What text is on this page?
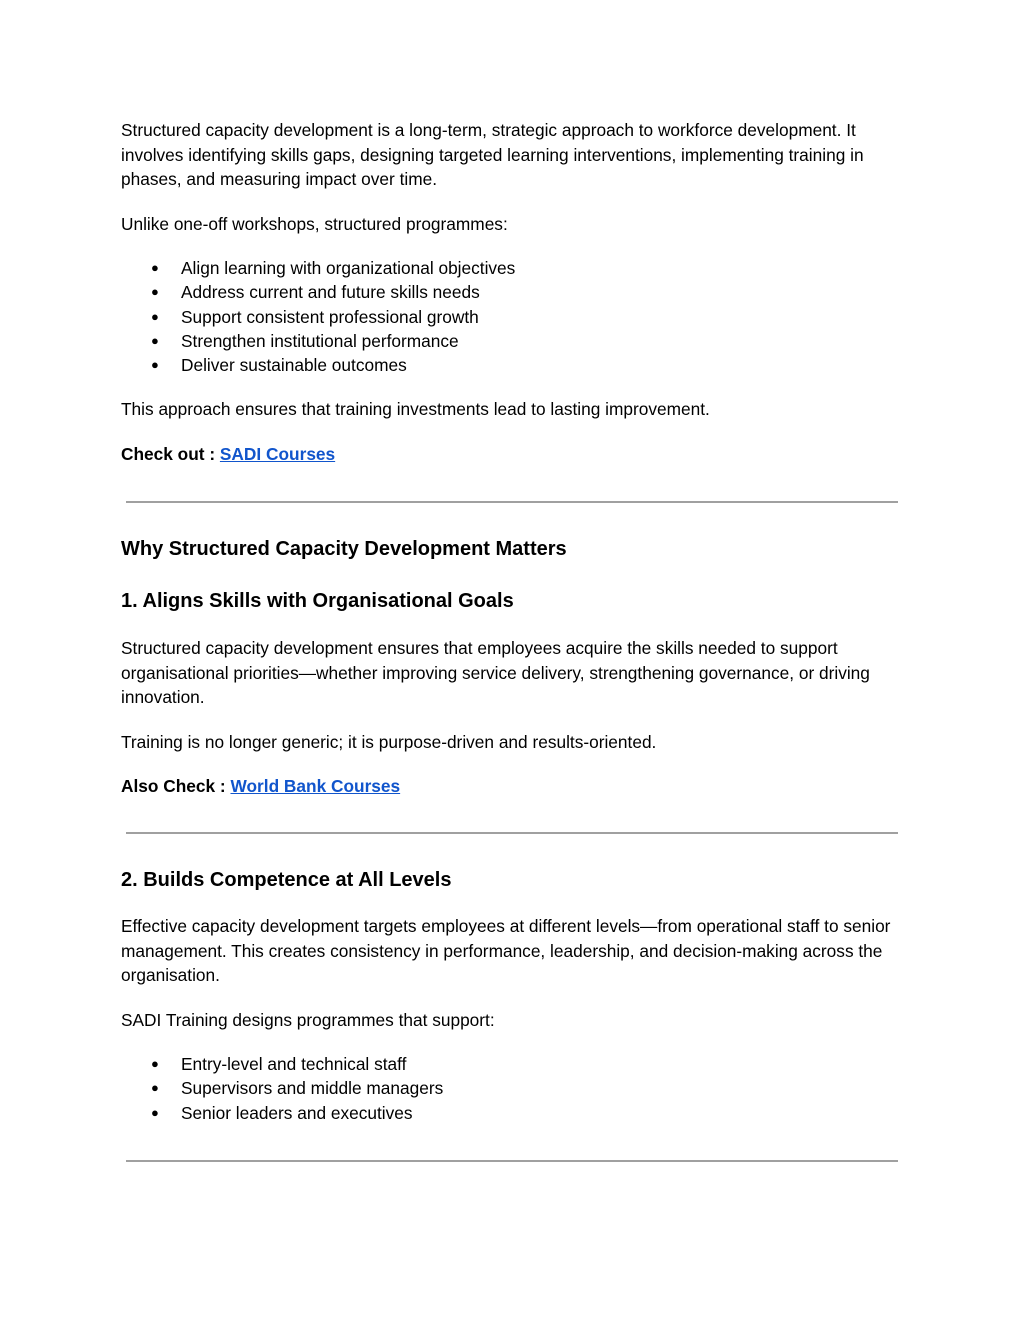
Structured capacity development is a long-term, strategic approach to workforce development. It involves identifying skills gaps, designing targeted learning interventions, implementing training in phases, and measuring impact over time.

Unlike one-off workshops, structured programmes:

● Align learning with organizational objectives
● Address current and future skills needs
● Support consistent professional growth
● Strengthen institutional performance
● Deliver sustainable outcomes

This approach ensures that training investments lead to lasting improvement.

Check out : SADI Courses

Why Structured Capacity Development Matters
1. Aligns Skills with Organisational Goals

Structured capacity development ensures that employees acquire the skills needed to support organisational priorities—whether improving service delivery, strengthening governance, or driving innovation.

Training is no longer generic; it is purpose-driven and results-oriented.

Also Check : World Bank Courses

2. Builds Competence at All Levels

Effective capacity development targets employees at different levels—from operational staff to senior management. This creates consistency in performance, leadership, and decision-making across the organisation.

SADI Training designs programmes that support:

● Entry-level and technical staff
● Supervisors and middle managers
● Senior leaders and executives
